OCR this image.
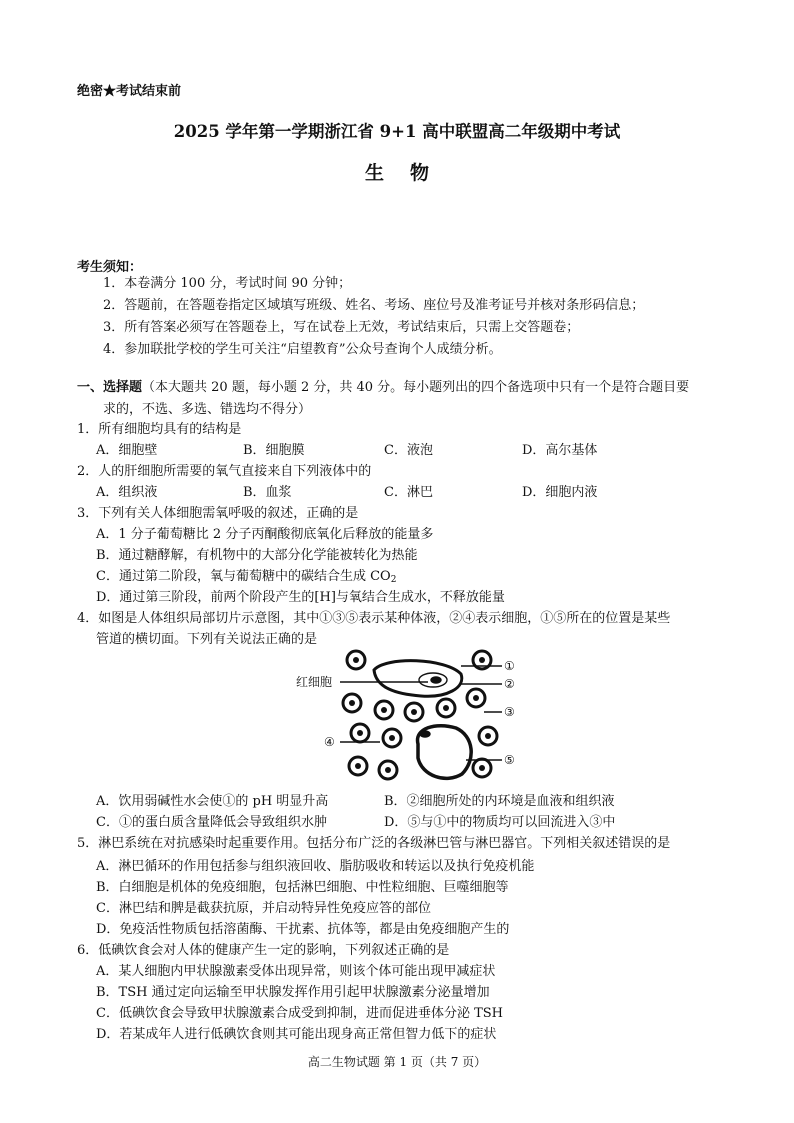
绝密★考试结束前
2025 学年第一学期浙江省 9+1 高中联盟高二年级期中考试
生物
考生须知：
1．本卷满分 100 分，考试时间 90 分钟；
2．答题前，在答题卷指定区域填写班级、姓名、考场、座位号及准考证号并核对条形码信息；
3．所有答案必须写在答题卷上，写在试卷上无效，考试结束后，只需上交答题卷；
4．参加联批学校的学生可关注“启望教育”公众号查询个人成绩分析。
一、选择题（本大题共 20 题，每小题 2 分，共 40 分。每小题列出的四个备选项中只有一个是符合题目要
求的，不选、多选、错选均不得分）
1．所有细胞均具有的结构是
A．细胞壁	B．细胞膜	C．液泡	D．高尔基体
2．人的肝细胞所需要的氧气直接来自下列液体中的
A．组织液	B．血浆	C．淋巴	D．细胞内液
3．下列有关人体细胞需氧呼吸的叙述，正确的是
A．1 分子葡萄糖比 2 分子丙酮酸彻底氧化后释放的能量多
B．通过糖酵解，有机物中的大部分化学能被转化为热能
C．通过第二阶段，氧与葡萄糖中的碳结合生成 $CO_2$
D．通过第三阶段，前两个阶段产生的[H]与氧结合生成水，不释放能量
4．如图是人体组织局部切片示意图，其中①③⑤表示某种体液，②④表示细胞，①⑤所在的位置是某些
管道的横切面。下列有关说法正确的是
红细胞
①
②
③
④
⑤
A．饮用弱碱性水会使①的 pH 明显升高	B．②细胞所处的内环境是血液和组织液
C．①的蛋白质含量降低会导致组织水肿	D．⑤与①中的物质均可以回流进入③中
5．淋巴系统在对抗感染时起重要作用。包括分布广泛的各级淋巴管与淋巴器官。下列相关叙述错误的是
A．淋巴循环的作用包括参与组织液回收、脂肪吸收和转运以及执行免疫机能
B．白细胞是机体的免疫细胞，包括淋巴细胞、中性粒细胞、巨噬细胞等
C．淋巴结和脾是截获抗原，并启动特异性免疫应答的部位
D．免疫活性物质包括溶菌酶、干扰素、抗体等，都是由免疫细胞产生的
6．低碘饮食会对人体的健康产生一定的影响，下列叙述正确的是
A．某人细胞内甲状腺激素受体出现异常，则该个体可能出现甲减症状
B．TSH 通过定向运输至甲状腺发挥作用引起甲状腺激素分泌量增加
C．低碘饮食会导致甲状腺激素合成受到抑制，进而促进垂体分泌 TSH
D．若某成年人进行低碘饮食则其可能出现身高正常但智力低下的症状
高二生物试题 第 1 页（共 7 页）
